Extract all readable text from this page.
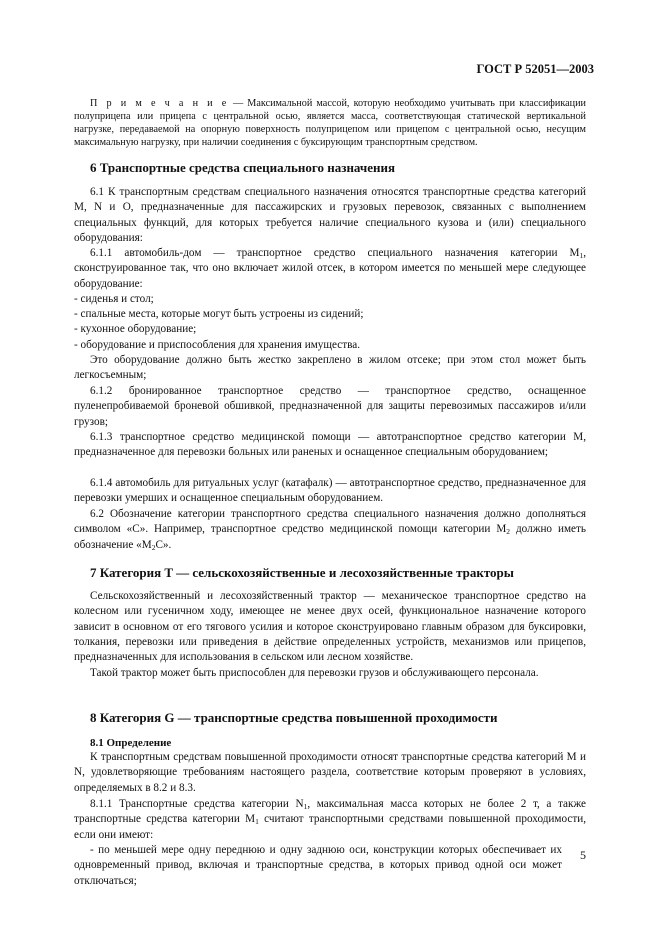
ГОСТ Р 52051—2003

П р и м е ч а н и е — Максимальной массой, которую необходимо учитывать при классификации полуприцепа или прицепа с центральной осью, является масса, соответствующая статической вертикальной нагрузке, передаваемой на опорную поверхность полуприцепом или прицепом с центральной осью, несущим максимальную нагрузку, при наличии соединения с буксирующим транспортным средством.

6 Транспортные средства специального назначения

6.1 К транспортным средствам специального назначения относятся транспортные средства категорий M, N и O, предназначенные для пассажирских и грузовых перевозок, связанных с выполнением специальных функций, для которых требуется наличие специального кузова и (или) специального оборудования:

6.1.1 автомобиль-дом — транспортное средство специального назначения категории $M_1$, сконструированное так, что оно включает жилой отсек, в котором имеется по меньшей мере следующее оборудование:

- сиденья и стол;

- спальные места, которые могут быть устроены из сидений;

- кухонное оборудование;

- оборудование и приспособления для хранения имущества.

Это оборудование должно быть жестко закреплено в жилом отсеке; при этом стол может быть легкосъемным;

6.1.2 бронированное транспортное средство — транспортное средство, оснащенное пуленепробиваемой броневой обшивкой, предназначенной для защиты перевозимых пассажиров и/или грузов;

6.1.3 транспортное средство медицинской помощи — автотранспортное средство категории M, предназначенное для перевозки больных или раненых и оснащенное специальным оборудованием;

6.1.4 автомобиль для ритуальных услуг (катафалк) — автотранспортное средство, предназначенное для перевозки умерших и оснащенное специальным оборудованием.

6.2 Обозначение категории транспортного средства специального назначения должно дополняться символом «С». Например, транспортное средство медицинской помощи категории $M_2$ должно иметь обозначение «$M_2С$».

7 Категория T — сельскохозяйственные и лесохозяйственные тракторы

Сельскохозяйственный и лесохозяйственный трактор — механическое транспортное средство на колесном или гусеничном ходу, имеющее не менее двух осей, функциональное назначение которого зависит в основном от его тягового усилия и которое сконструировано главным образом для буксировки, толкания, перевозки или приведения в действие определенных устройств, механизмов или прицепов, предназначенных для использования в сельском или лесном хозяйстве.

Такой трактор может быть приспособлен для перевозки грузов и обслуживающего персонала.

8 Категория G — транспортные средства повышенной проходимости
8.1 Определение

К транспортным средствам повышенной проходимости относят транспортные средства категорий M и N, удовлетворяющие требованиям настоящего раздела, соответствие которым проверяют в условиях, определяемых в 8.2 и 8.3.

8.1.1 Транспортные средства категории $N_1$, максимальная масса которых не более 2 т, а также транспортные средства категории $M_1$ считают транспортными средствами повышенной проходимости, если они имеют:

- по меньшей мере одну переднюю и одну заднюю оси, конструкции которых обеспечивает их одновременный привод, включая и транспортные средства, в которых привод одной оси может отключаться;

5
